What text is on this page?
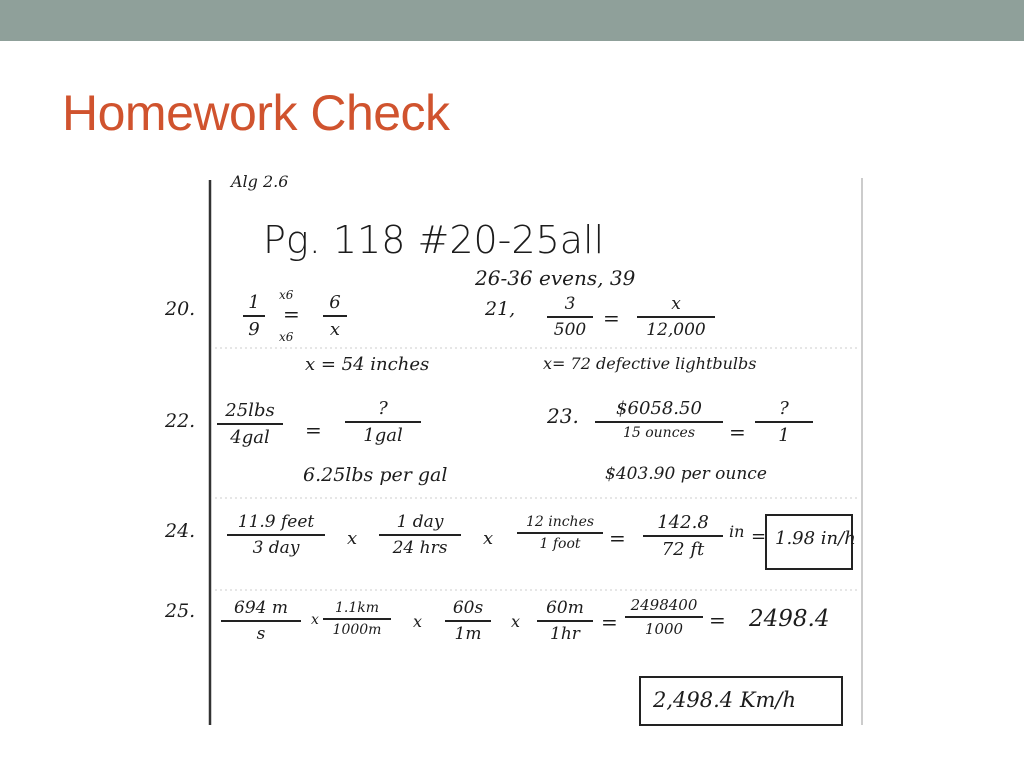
Homework Check
Alg 2.6
Pg. 118 #20-25all
26-36 evens, 39
20.	1
9
x6
=
x6
6
x
x = 54 inches
21,	3
500 =
x
12,000
x= 72 defective lightbulbs
22.	25lbs
4gal	=
?
1gal
6.25lbs per gal
23.	$6058.50
15 ounces	=
?
1
$403.90 per ounce
24.	11.9 feet
3 day	x
1 day
24 hrs	x
12 inches
1 foot	=
142.8
72 ft
in = 1.98 in/h
25.	694 m
s
x
1.1km
1000m	x
60s
1m
x
60m
1hr	=
2498400
1000	= 2498.4
2,498.4 Km/h
